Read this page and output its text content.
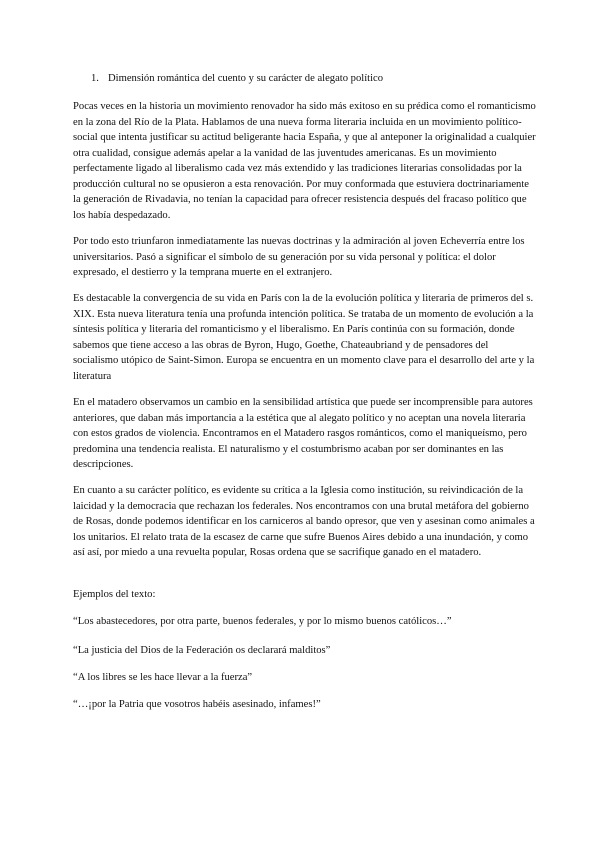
1. Dimensión romántica del cuento y su carácter de alegato político

Pocas veces en la historia un movimiento renovador ha sido más exitoso en su prédica como el romanticismo en la zona del Río de la Plata. Hablamos de una nueva forma literaria incluida en un movimiento político-social que intenta justificar su actitud beligerante hacia España, y que al anteponer la originalidad a cualquier otra cualidad, consigue además apelar a la vanidad de las juventudes americanas. Es un movimiento perfectamente ligado al liberalismo cada vez más extendido y las tradiciones literarias consolidadas por la producción cultural no se opusieron a esta renovación. Por muy conformada que estuviera doctrinariamente la generación de Rivadavia, no tenían la capacidad para ofrecer resistencia después del fracaso político que los había despedazado.

Por todo esto triunfaron inmediatamente las nuevas doctrinas y la admiración al joven Echeverría entre los universitarios. Pasó a significar el símbolo de su generación por su vida personal y política: el dolor expresado, el destierro y la temprana muerte en el extranjero.

Es destacable la convergencia de su vida en París con la de la evolución política y literaria de primeros del s. XIX. Esta nueva literatura tenía una profunda intención política. Se trataba de un momento de evolución a la síntesis política y literaria del romanticismo y el liberalismo. En París continúa con su formación, donde sabemos que tiene acceso a las obras de Byron, Hugo, Goethe, Chateaubriand y de pensadores del socialismo utópico de Saint-Simon. Europa se encuentra en un momento clave para el desarrollo del arte y la literatura

En el matadero observamos un cambio en la sensibilidad artística que puede ser incomprensible para autores anteriores, que daban más importancia a la estética que al alegato político y no aceptan una novela literaria con estos grados de violencia. Encontramos en el Matadero rasgos románticos, como el maniqueísmo, pero predomina una tendencia realista. El naturalismo y el costumbrismo acaban por ser dominantes en las descripciones.

En cuanto a su carácter político, es evidente su crítica a la Iglesia como institución, su reivindicación de la laicidad y la democracia que rechazan los federales. Nos encontramos con una brutal metáfora del gobierno de Rosas, donde podemos identificar en los carniceros al bando opresor, que ven y asesinan como animales a los unitarios. El relato trata de la escasez de carne que sufre Buenos Aires debido a una inundación, y como así así, por miedo a una revuelta popular, Rosas ordena que se sacrifique ganado en el matadero.

Ejemplos del texto:

“Los abastecedores, por otra parte, buenos federales, y por lo mismo buenos católicos…”

“La justicia del Dios de la Federación os declarará malditos”

“A los libres se les hace llevar a la fuerza”

“…¡por la Patria que vosotros habéis asesinado, infames!”
